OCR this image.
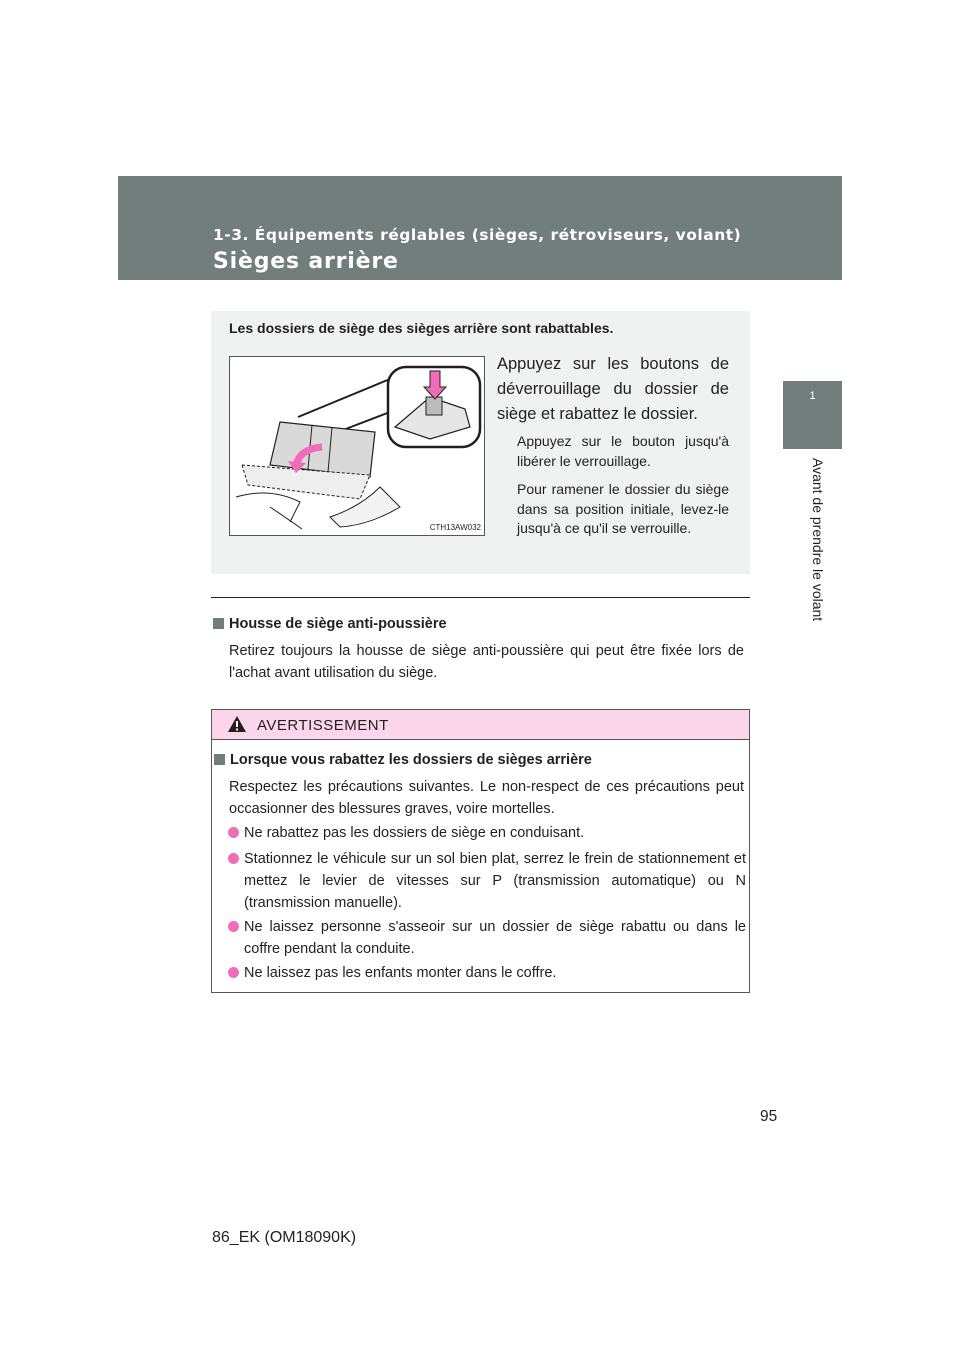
1-3. Équipements réglables (sièges, rétroviseurs, volant)
Sièges arrière
1
Avant de prendre le volant
Les dossiers de siège des sièges arrière sont rabattables.
CTH13AW032
Appuyez sur les boutons de déverrouillage du dossier de siège et rabattez le dossier.
Appuyez sur le bouton jusqu'à libérer le verrouillage.
Pour ramener le dossier du siège dans sa position initiale, levez-le jusqu'à ce qu'il se verrouille.
Housse de siège anti-poussière
Retirez toujours la housse de siège anti-poussière qui peut être fixée lors de l'achat avant utilisation du siège.
AVERTISSEMENT
Lorsque vous rabattez les dossiers de sièges arrière
Respectez les précautions suivantes. Le non-respect de ces précautions peut occasionner des blessures graves, voire mortelles.
Ne rabattez pas les dossiers de siège en conduisant.
Stationnez le véhicule sur un sol bien plat, serrez le frein de stationnement et mettez le levier de vitesses sur P (transmission automatique) ou N (transmission manuelle).
Ne laissez personne s'asseoir sur un dossier de siège rabattu ou dans le coffre pendant la conduite.
Ne laissez pas les enfants monter dans le coffre.
95
86_EK (OM18090K)
